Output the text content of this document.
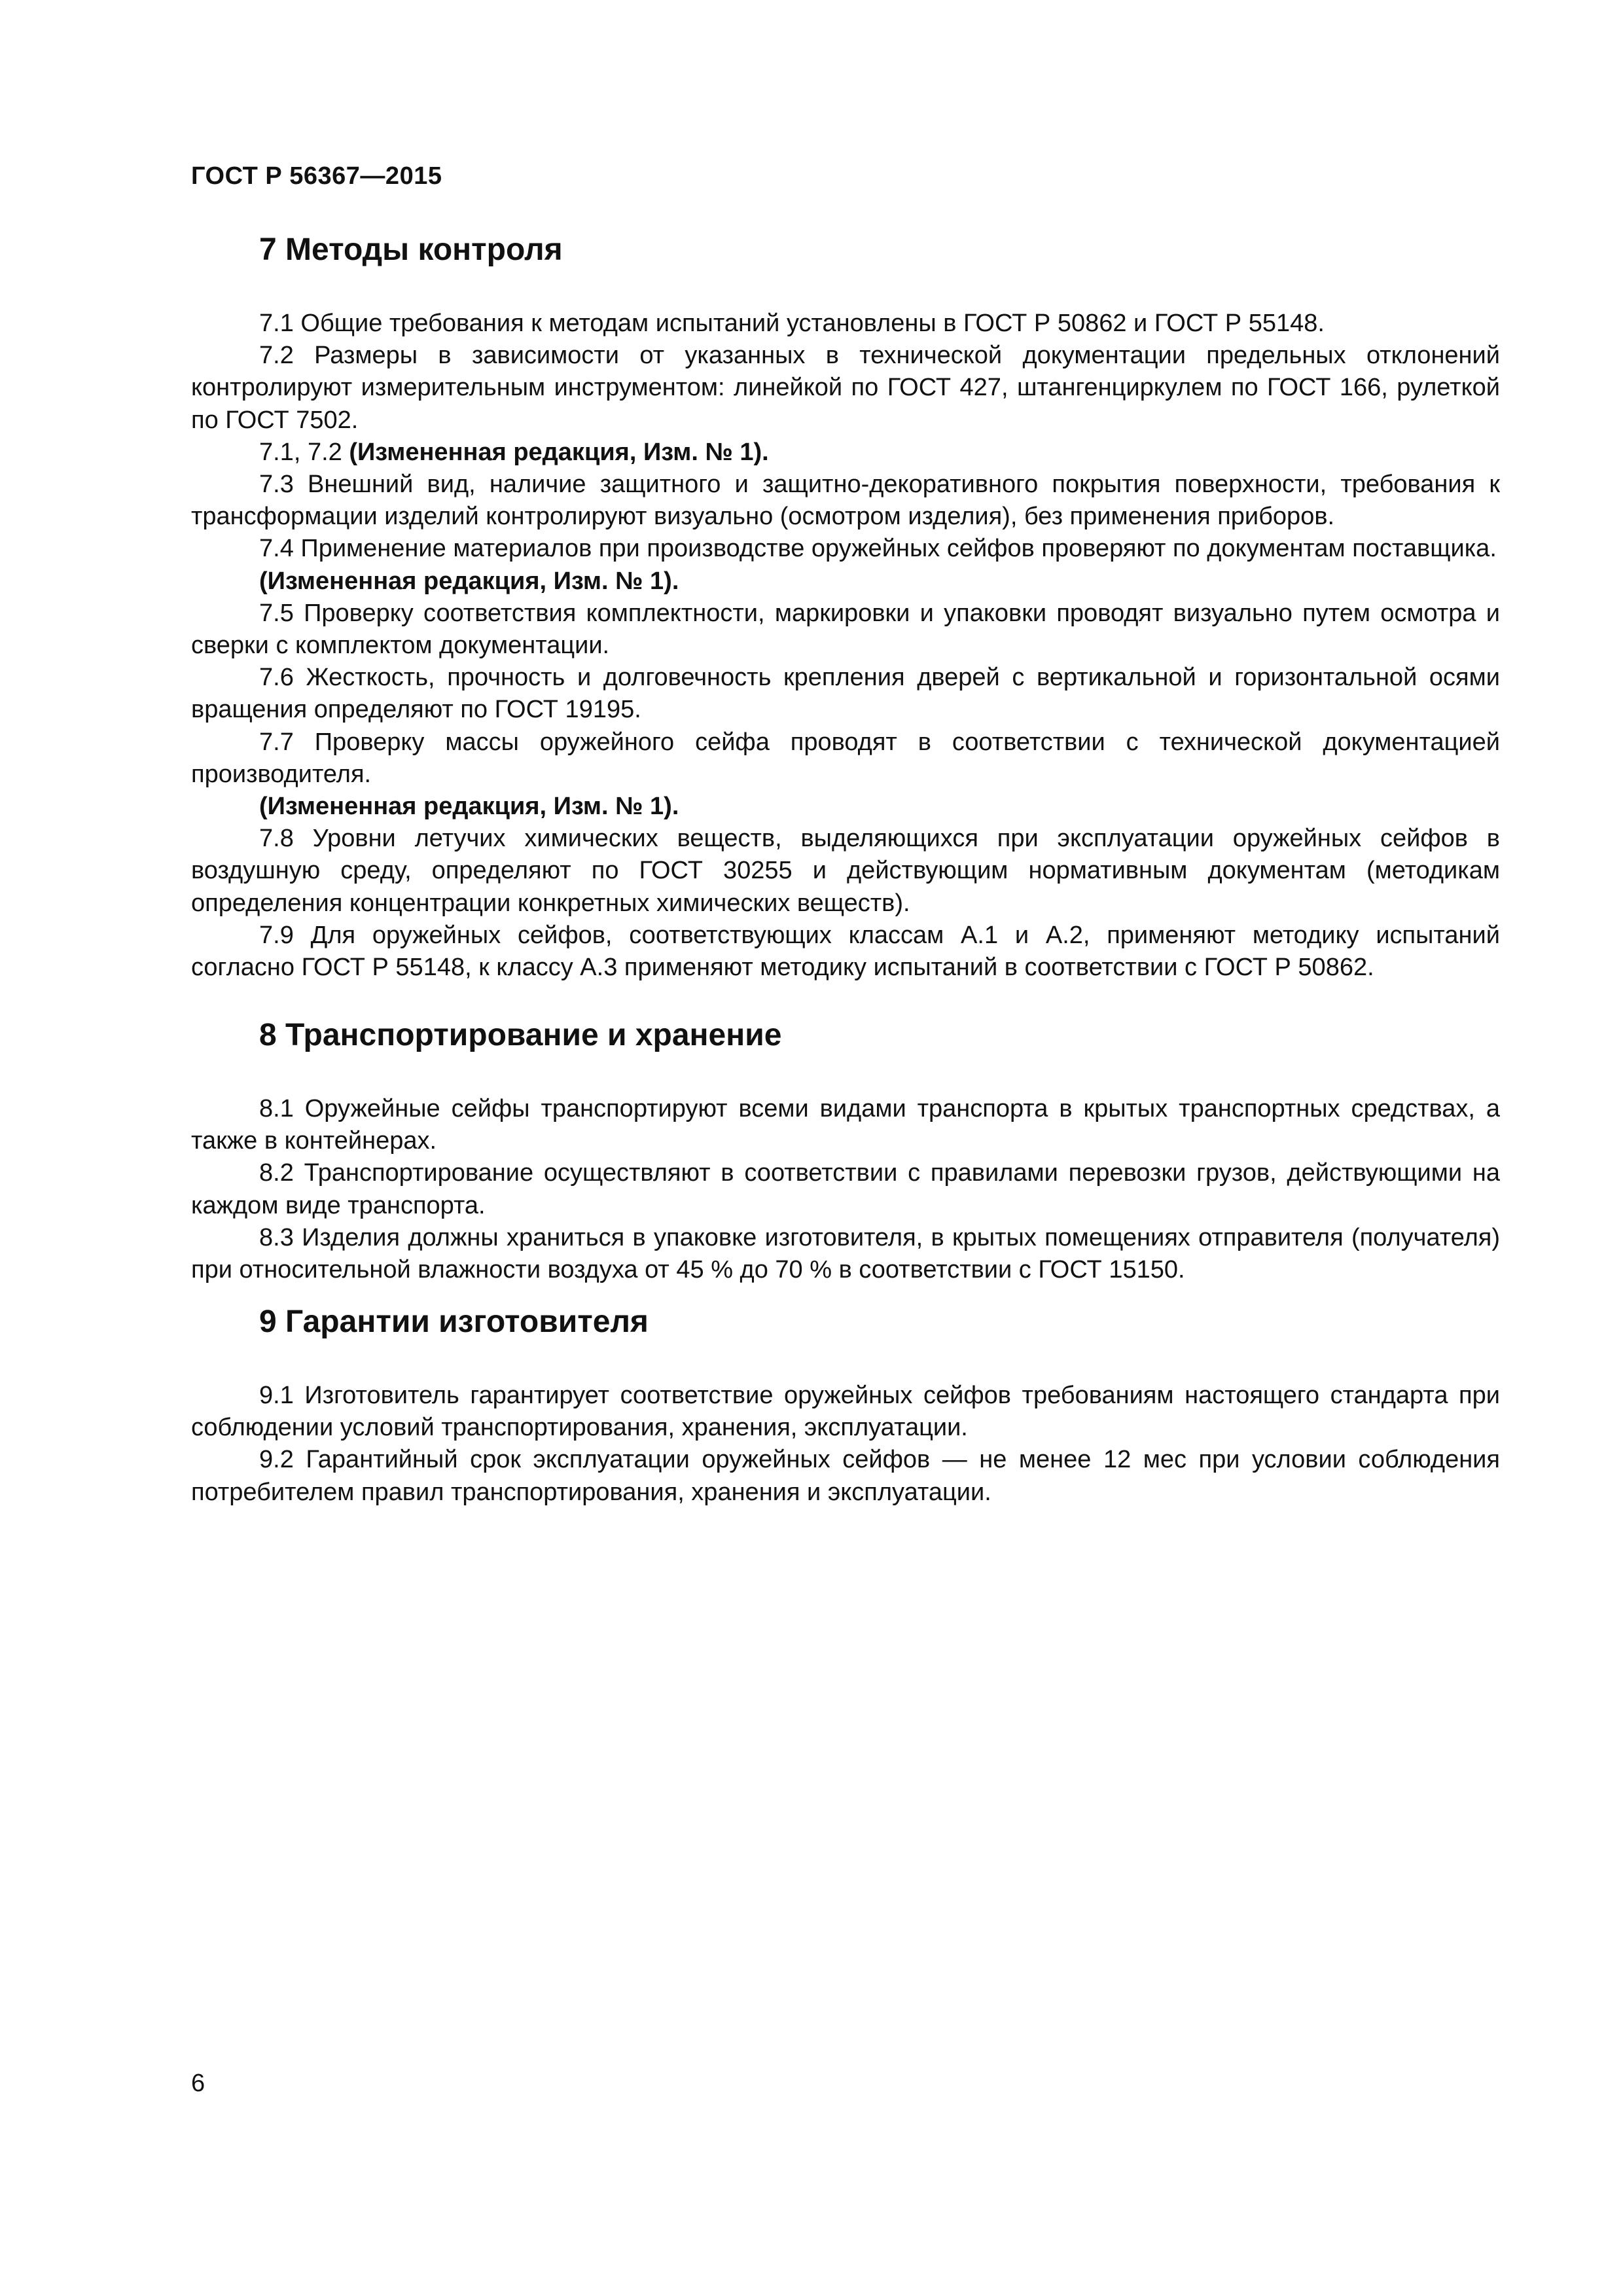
ГОСТ Р 56367—2015
7 Методы контроля

7.1 Общие требования к методам испытаний установлены в ГОСТ Р 50862 и ГОСТ Р 55148.

7.2 Размеры в зависимости от указанных в технической документации предельных отклонений контролируют измерительным инструментом: линейкой по ГОСТ 427, штангенциркулем по ГОСТ 166, рулеткой по ГОСТ 7502.

7.1, 7.2 (Измененная редакция, Изм. № 1).

7.3 Внешний вид, наличие защитного и защитно-декоративного покрытия поверхности, требования к трансформации изделий контролируют визуально (осмотром изделия), без применения приборов.

7.4 Применение материалов при производстве оружейных сейфов проверяют по документам поставщика.

(Измененная редакция, Изм. № 1).

7.5 Проверку соответствия комплектности, маркировки и упаковки проводят визуально путем осмотра и сверки с комплектом документации.

7.6 Жесткость, прочность и долговечность крепления дверей с вертикальной и горизонтальной осями вращения определяют по ГОСТ 19195.

7.7 Проверку массы оружейного сейфа проводят в соответствии с технической документацией производителя.

(Измененная редакция, Изм. № 1).

7.8 Уровни летучих химических веществ, выделяющихся при эксплуатации оружейных сейфов в воздушную среду, определяют по ГОСТ 30255 и действующим нормативным документам (методикам определения концентрации конкретных химических веществ).

7.9 Для оружейных сейфов, соответствующих классам А.1 и А.2, применяют методику испытаний согласно ГОСТ Р 55148, к классу А.3 применяют методику испытаний в соответствии с ГОСТ Р 50862.

8 Транспортирование и хранение

8.1 Оружейные сейфы транспортируют всеми видами транспорта в крытых транспортных средствах, а также в контейнерах.

8.2 Транспортирование осуществляют в соответствии с правилами перевозки грузов, действующими на каждом виде транспорта.

8.3 Изделия должны храниться в упаковке изготовителя, в крытых помещениях отправителя (получателя) при относительной влажности воздуха от 45 % до 70 % в соответствии с ГОСТ 15150.

9 Гарантии изготовителя

9.1 Изготовитель гарантирует соответствие оружейных сейфов требованиям настоящего стандарта при соблюдении условий транспортирования, хранения, эксплуатации.

9.2 Гарантийный срок эксплуатации оружейных сейфов — не менее 12 мес при условии соблюдения потребителем правил транспортирования, хранения и эксплуатации.

6
